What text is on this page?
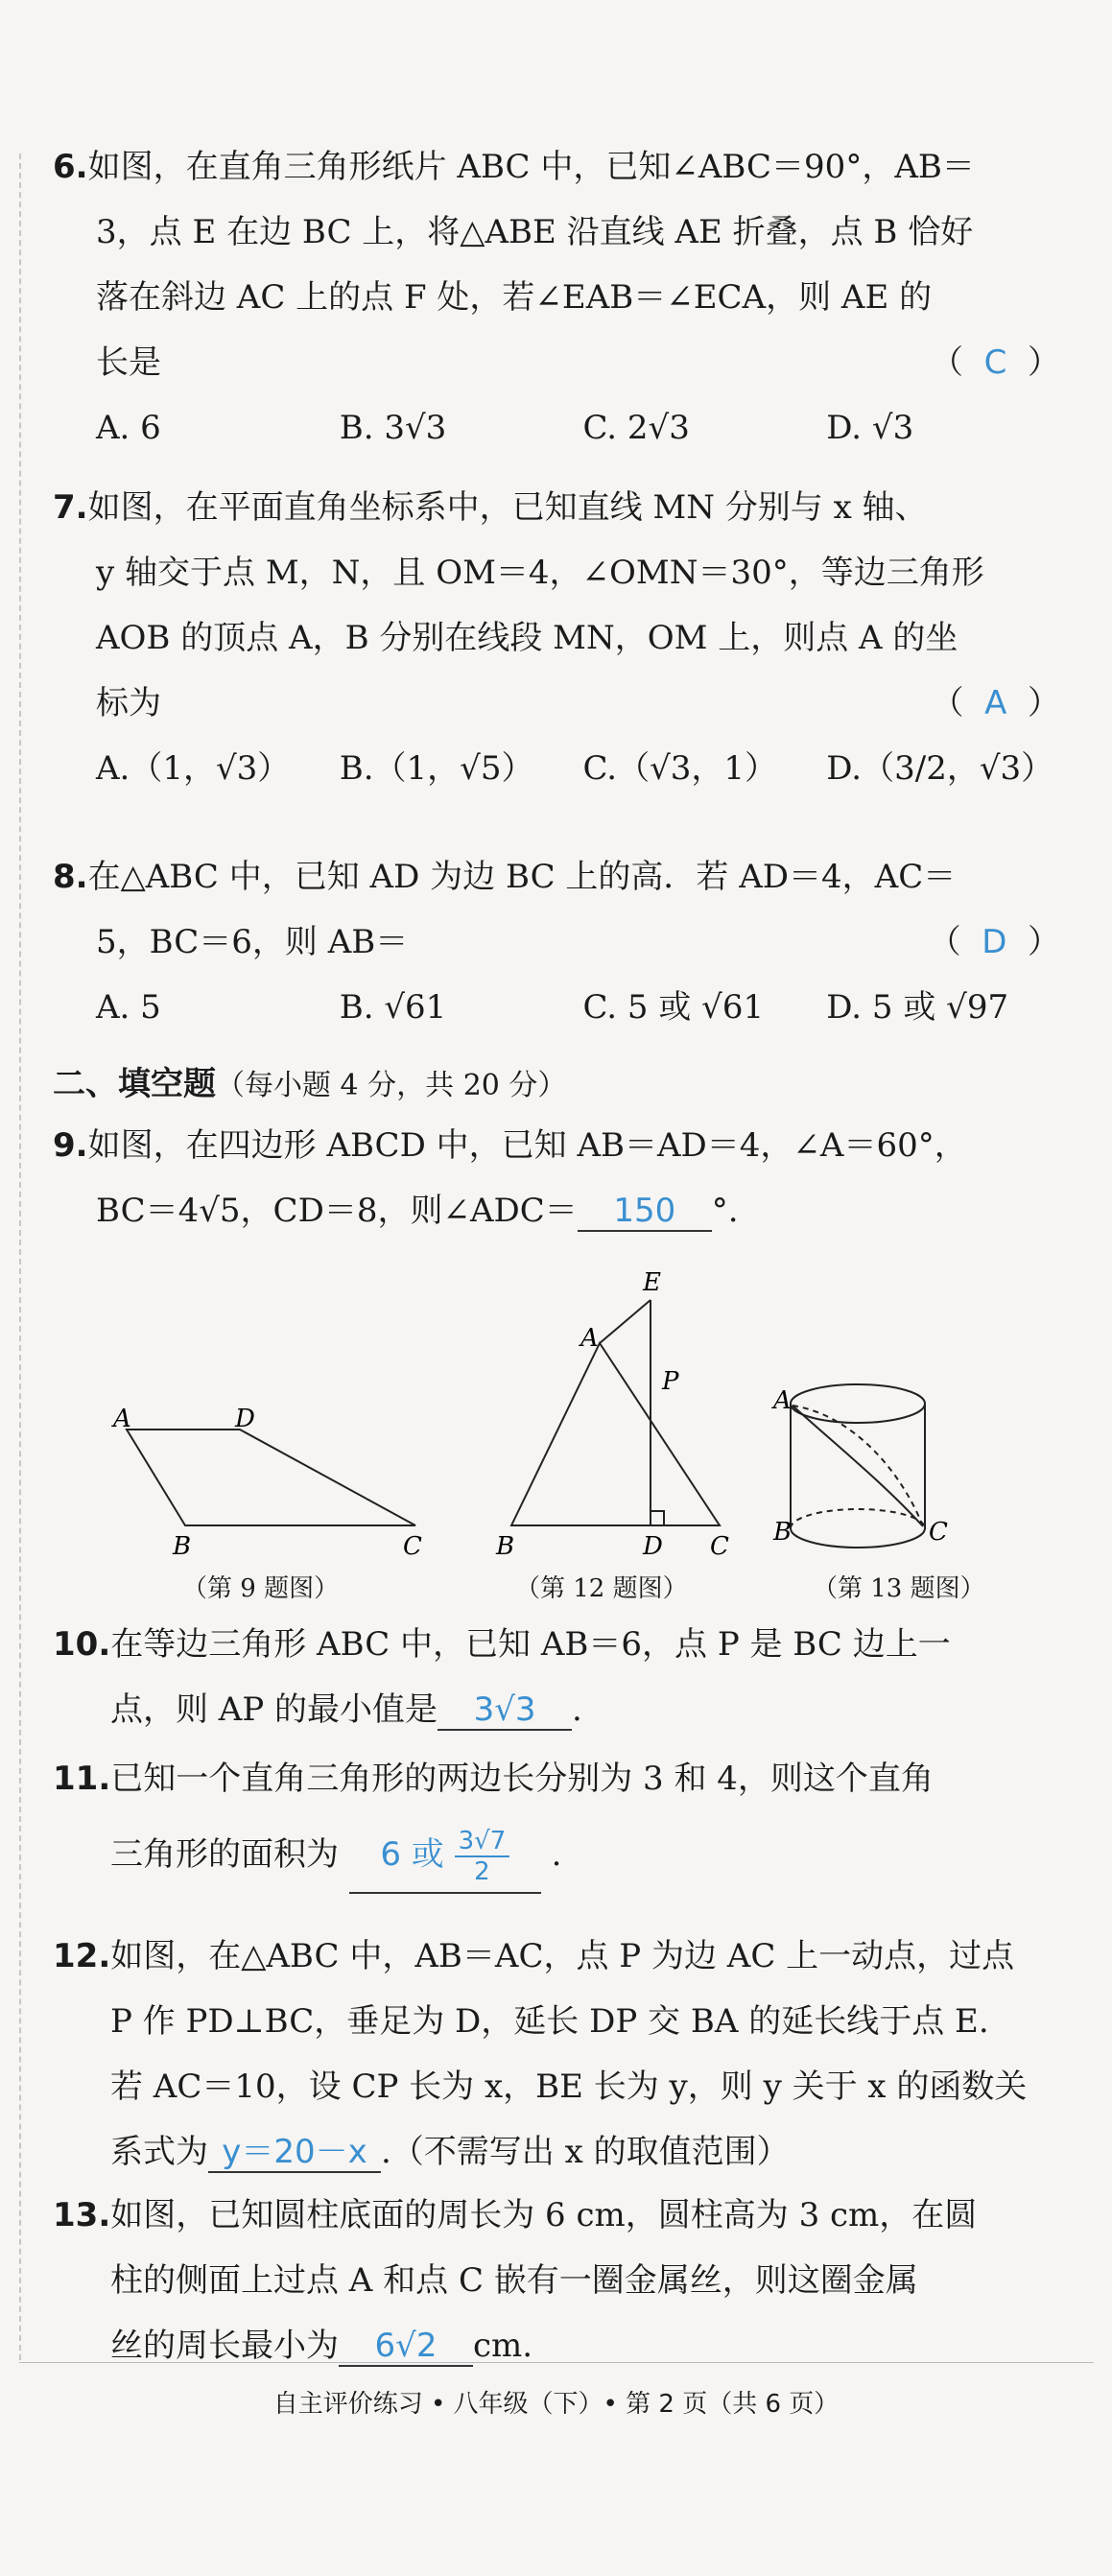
6.如图，在直角三角形纸片 ABC 中，已知∠ABC＝90°，AB＝
3，点 E 在边 BC 上，将△ABE 沿直线 AE 折叠，点 B 恰好
落在斜边 AC 上的点 F 处，若∠EAB＝∠ECA，则 AE 的
长是	（  C  ）
A. 6	B. 3√3	C. 2√3	D. √3
7.如图，在平面直角坐标系中，已知直线 MN 分别与 x 轴、
y 轴交于点 M，N，且 OM＝4，∠OMN＝30°，等边三角形
AOB 的顶点 A，B 分别在线段 MN，OM 上，则点 A 的坐
标为	（  A  ）
A.（1，√3）	B.（1，√5）	C.（√3，1）	D.（3/2，√3）
8.在△ABC 中，已知 AD 为边 BC 上的高．若 AD＝4，AC＝
5，BC＝6，则 AB＝	（  D  ）
A. 5	B. √61	C. 5 或 √61	D. 5 或 √97
二、填空题（每小题 4 分，共 20 分）
9.如图，在四边形 ABCD 中，已知 AB＝AD＝4，∠A＝60°，
BC＝4√5，CD＝8，则∠ADC＝ 150 °.
A	D
B	C
E
A
P
B	D C
A
B	C
（第 9 题图）	（第 12 题图）	（第 13 题图）
10.在等边三角形 ABC 中，已知 AB＝6，点 P 是 BC 边上一
点，则 AP 的最小值是 3√3 .
11.已知一个直角三角形的两边长分别为 3 和 4，则这个直角
三角形的面积为 6 或 $\frac{3√7}{2}$ .
12.如图，在△ABC 中，AB＝AC，点 P 为边 AC 上一动点，过点
P 作 PD⊥BC，垂足为 D，延长 DP 交 BA 的延长线于点 E.
若 AC＝10，设 CP 长为 x，BE 长为 y，则 y 关于 x 的函数关
系式为 y＝20－x .（不需写出 x 的取值范围）
13.如图，已知圆柱底面的周长为 6 cm，圆柱高为 3 cm，在圆
柱的侧面上过点 A 和点 C 嵌有一圈金属丝，则这圈金属
丝的周长最小为 6√2 cm.
自主评价练习 • 八年级（下）• 第 2 页（共 6 页）
